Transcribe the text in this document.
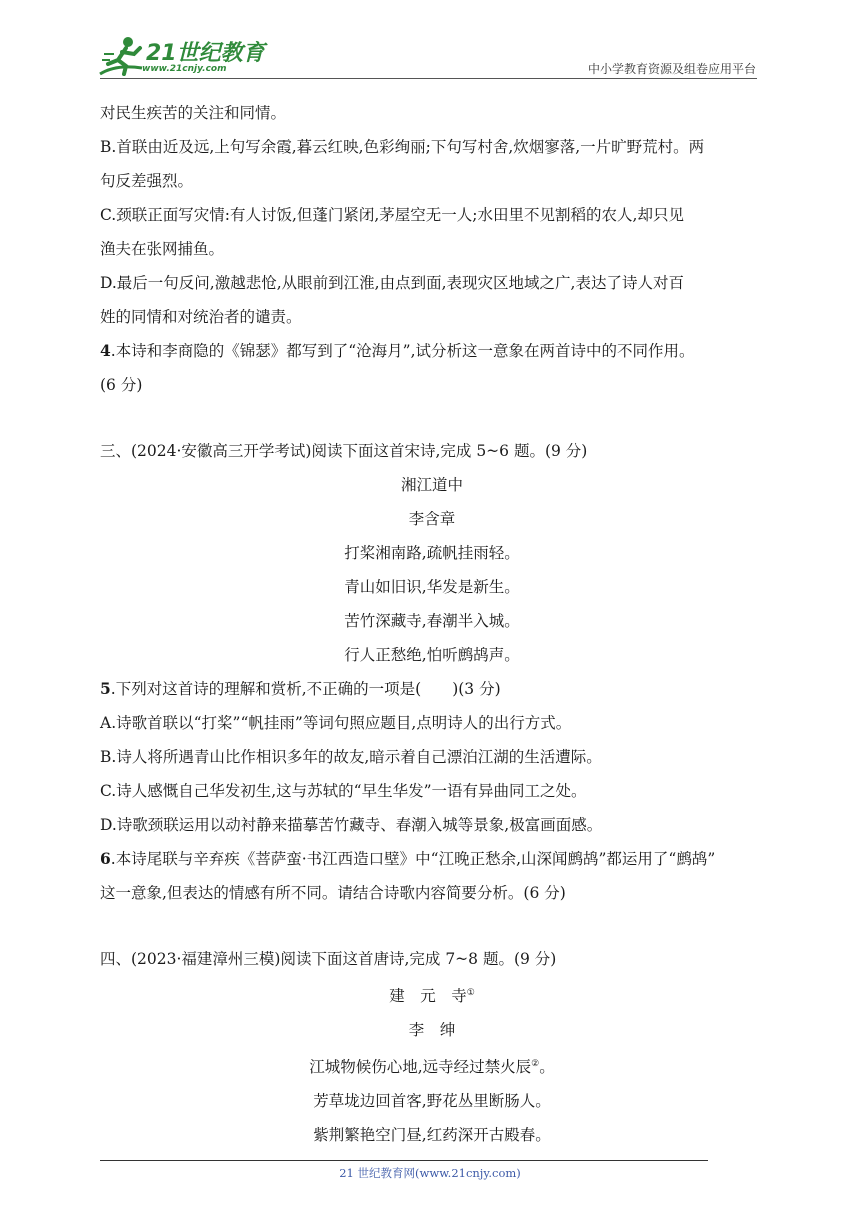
21世纪教育
www.21cnjy.com	中小学教育资源及组卷应用平台

对民生疾苦的关注和同情。

B.首联由近及远,上句写余霞,暮云红映,色彩绚丽;下句写村舍,炊烟寥落,一片旷野荒村。两

句反差强烈。

C.颈联正面写灾情:有人讨饭,但蓬门紧闭,茅屋空无一人;水田里不见割稻的农人,却只见

渔夫在张网捕鱼。

D.最后一句反问,激越悲怆,从眼前到江淮,由点到面,表现灾区地域之广,表达了诗人对百

姓的同情和对统治者的谴责。

4.本诗和李商隐的《锦瑟》都写到了“沧海月”,试分析这一意象在两首诗中的不同作用。

(6 分)

三、(2024·安徽高三开学考试)阅读下面这首宋诗,完成 5~6 题。(9 分)

湘江道中

李含章

打桨湘南路,疏帆挂雨轻。

青山如旧识,华发是新生。

苦竹深藏寺,春潮半入城。

行人正愁绝,怕听鹧鸪声。

5.下列对这首诗的理解和赏析,不正确的一项是(　　)(3 分)

A.诗歌首联以“打桨”“帆挂雨”等词句照应题目,点明诗人的出行方式。

B.诗人将所遇青山比作相识多年的故友,暗示着自己漂泊江湖的生活遭际。

C.诗人感慨自己华发初生,这与苏轼的“早生华发”一语有异曲同工之处。

D.诗歌颈联运用以动衬静来描摹苦竹藏寺、春潮入城等景象,极富画面感。

6.本诗尾联与辛弃疾《菩萨蛮·书江西造口壁》中“江晚正愁余,山深闻鹧鸪”都运用了“鹧鸪”

这一意象,但表达的情感有所不同。请结合诗歌内容简要分析。(6 分)

四、(2023·福建漳州三模)阅读下面这首唐诗,完成 7~8 题。(9 分)

建　元　寺①

李　绅

江城物候伤心地,远寺经过禁火辰②。

芳草垅边回首客,野花丛里断肠人。

紫荆繁艳空门昼,红药深开古殿春。

21 世纪教育网(www.21cnjy.com)
